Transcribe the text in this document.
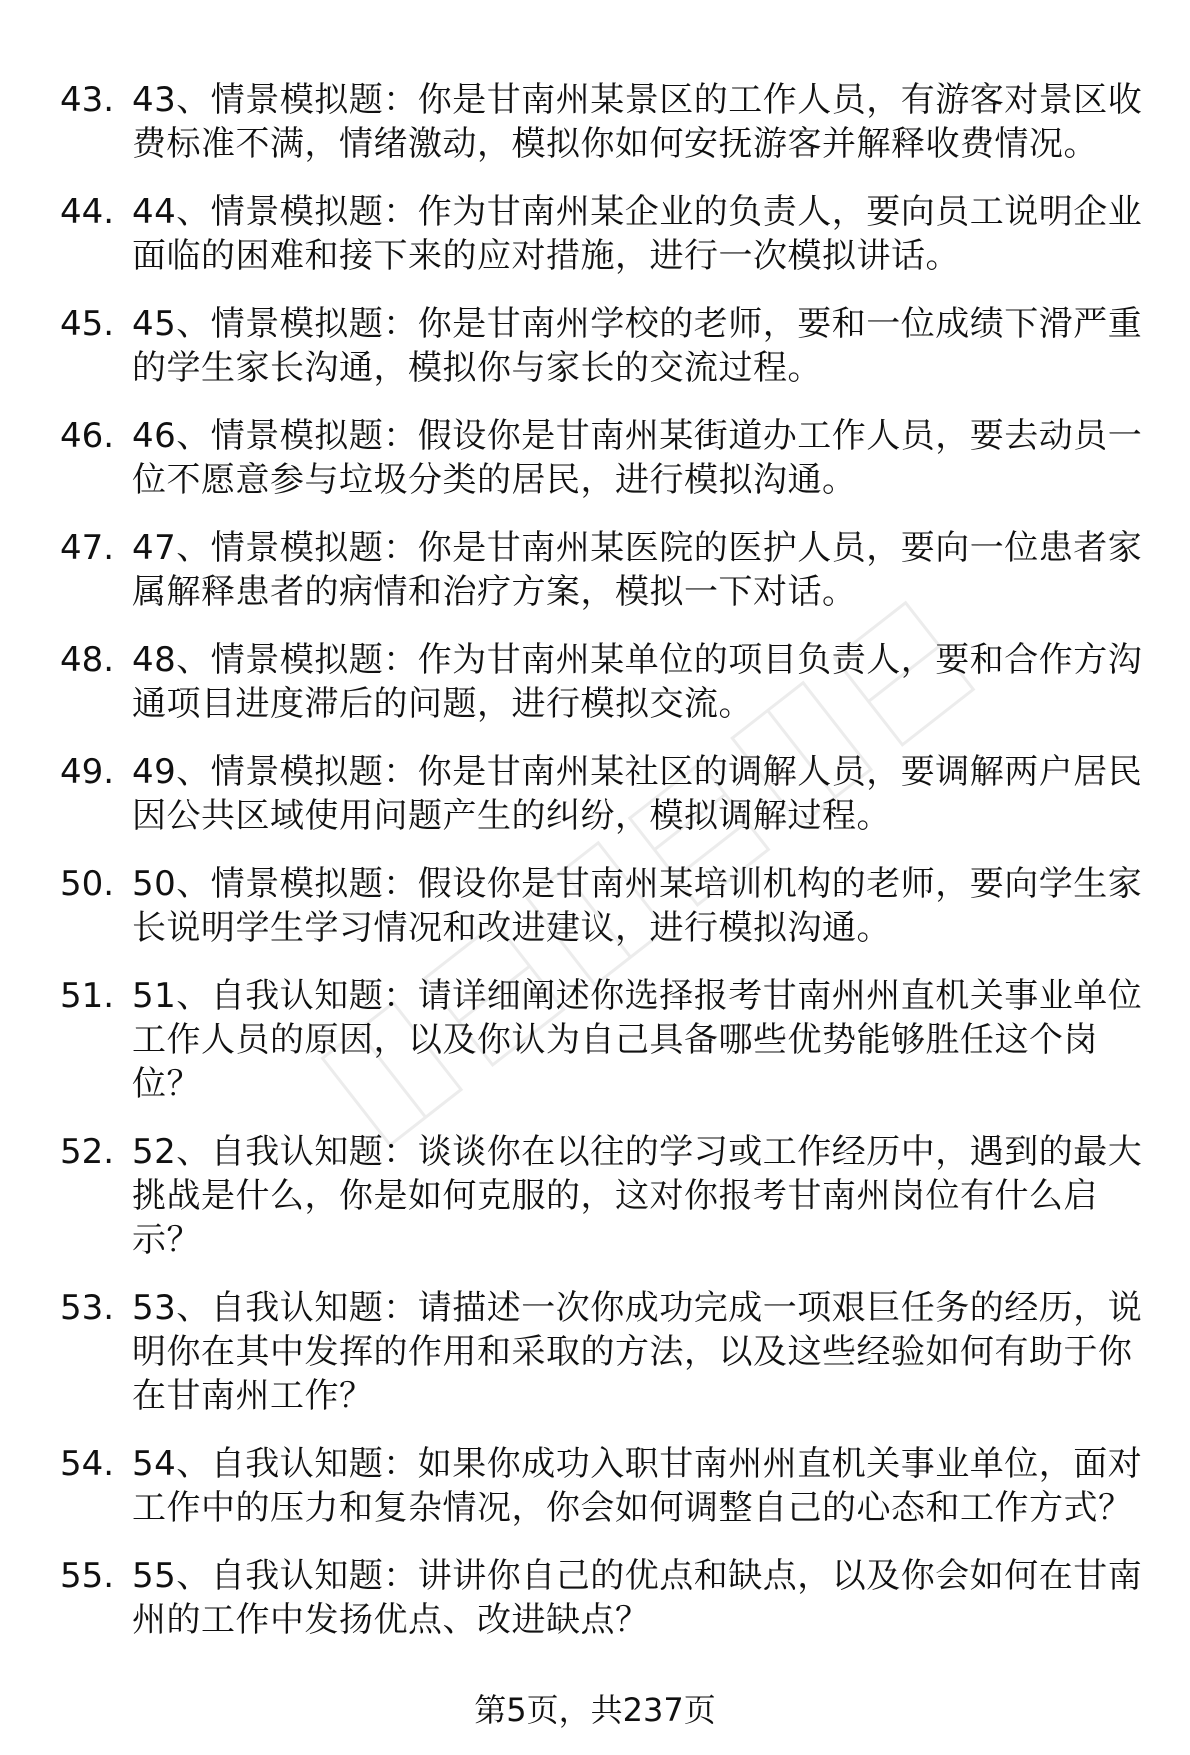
43. 43、情景模拟题：你是甘南州某景区的工作人员，有游客对景区收费标准不满，情绪激动，模拟你如何安抚游客并解释收费情况。
44. 44、情景模拟题：作为甘南州某企业的负责人，要向员工说明企业面临的困难和接下来的应对措施，进行一次模拟讲话。
45. 45、情景模拟题：你是甘南州学校的老师，要和一位成绩下滑严重的学生家长沟通，模拟你与家长的交流过程。
46. 46、情景模拟题：假设你是甘南州某街道办工作人员，要去动员一位不愿意参与垃圾分类的居民，进行模拟沟通。
47. 47、情景模拟题：你是甘南州某医院的医护人员，要向一位患者家属解释患者的病情和治疗方案，模拟一下对话。
48. 48、情景模拟题：作为甘南州某单位的项目负责人，要和合作方沟通项目进度滞后的问题，进行模拟交流。
49. 49、情景模拟题：你是甘南州某社区的调解人员，要调解两户居民因公共区域使用问题产生的纠纷，模拟调解过程。
50. 50、情景模拟题：假设你是甘南州某培训机构的老师，要向学生家长说明学生学习情况和改进建议，进行模拟沟通。
51. 51、自我认知题：请详细阐述你选择报考甘南州州直机关事业单位工作人员的原因，以及你认为自己具备哪些优势能够胜任这个岗位？
52. 52、自我认知题：谈谈你在以往的学习或工作经历中，遇到的最大挑战是什么，你是如何克服的，这对你报考甘南州岗位有什么启示？
53. 53、自我认知题：请描述一次你成功完成一项艰巨任务的经历，说明你在其中发挥的作用和采取的方法，以及这些经验如何有助于你在甘南州工作？
54. 54、自我认知题：如果你成功入职甘南州州直机关事业单位，面对工作中的压力和复杂情况，你会如何调整自己的心态和工作方式？
55. 55、自我认知题：讲讲你自己的优点和缺点，以及你会如何在甘南州的工作中发扬优点、改进缺点？
第5页，共237页
